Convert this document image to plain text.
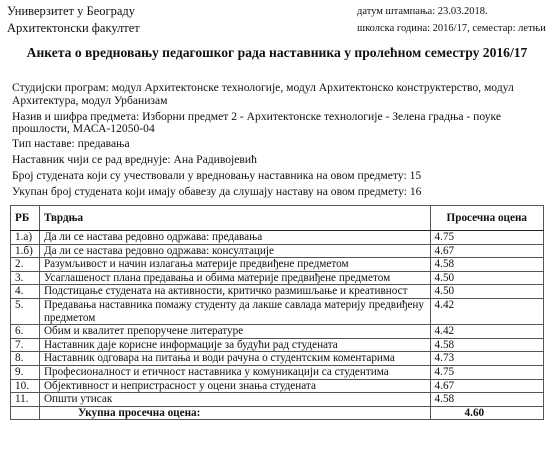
Универзитет у Београду
Архитектонски факултет
датум штампања: 23.03.2018.
школска година: 2016/17, семестар: летњи
Анкета о вредновању педагошког рада наставника у пролећном семестру 2016/17

Студијски програм: модул Архитектонске технологије, модул Архитектонско конструктерство, модул Архитектура, модул Урбанизам

Назив и шифра предмета: Изборни предмет 2 - Архитектонске технологије - Зелена градња - поуке прошлости, МАСА-12050-04

Тип наставе: предавања

Наставник чији се рад вреднује: Ана Радивојевић

Број студената који су учествовали у вредновању наставника на овом предмету: 15

Укупан број студената који имају обавезу да слушају наставу на овом предмету: 16

РБ	Тврдња	Просечна оцена
1.а)	Да ли се настава редовно одржава: предавања	4.75
1.б)	Да ли се настава редовно одржава: консултације	4.67
2.	Разумљивост и начин излагања материје предвиђене предметом	4.58
3.	Усаглашеност плана предавања и обима материје предвиђене предметом	4.50
4.	Подстицање студената на активности, критичко размишљање и креативност	4.50
5.	Предавања наставника помажу студенту да лакше савлада материју предвиђену предметом	4.42
6.	Обим и квалитет препоручене литературе	4.42
7.	Наставник даје корисне информације за будући рад студената	4.58
8.	Наставник одговара на питања и води рачуна о студентским коментарима	4.73
9.	Професионалност и етичност наставника у комуникацији са студентима	4.75
10.	Објективност и непристрасност у оцени знања студената	4.67
11.	Општи утисак	4.58
	Укупна просечна оцена:	4.60
